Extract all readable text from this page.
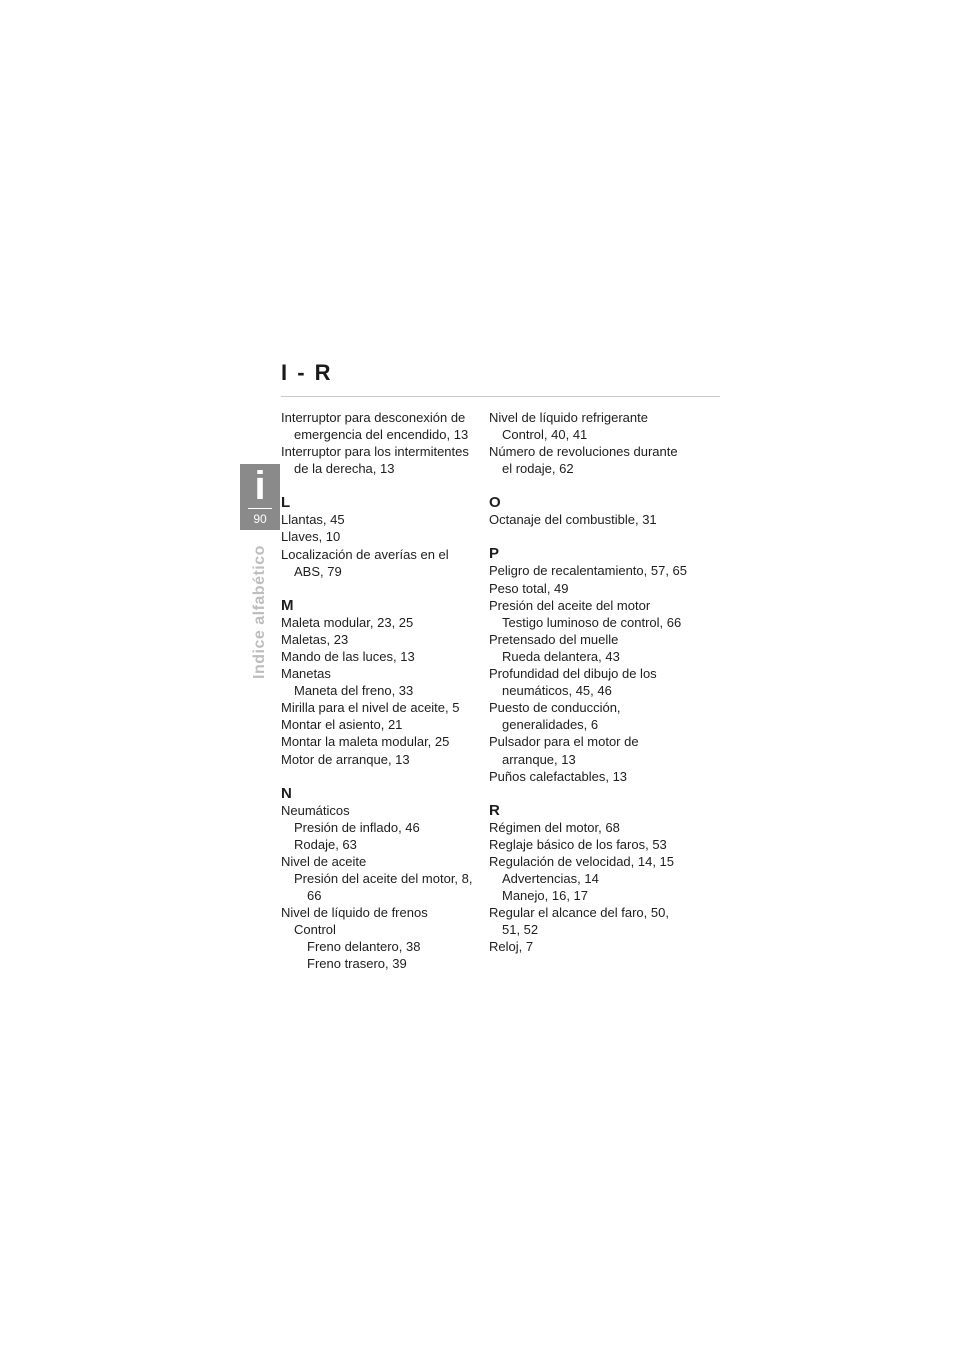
I - R
i
90
Indice alfabético
Interruptor para desconexión de emergencia del encendido, 13
Interruptor para los intermitentes de la derecha, 13
L
Llantas, 45
Llaves, 10
Localización de averías en el ABS, 79
M
Maleta modular, 23, 25
Maletas, 23
Mando de las luces, 13
Manetas
Maneta del freno, 33
Mirilla para el nivel de aceite, 5
Montar el asiento, 21
Montar la maleta modular, 25
Motor de arranque, 13
N
Neumáticos
Presión de inflado, 46
Rodaje, 63
Nivel de aceite
Presión del aceite del motor, 8, 66
Nivel de líquido de frenos
Control
Freno delantero, 38
Freno trasero, 39
Nivel de líquido refrigerante
Control, 40, 41
Número de revoluciones durante el rodaje, 62
O
Octanaje del combustible, 31
P
Peligro de recalentamiento, 57, 65
Peso total, 49
Presión del aceite del motor
Testigo luminoso de control, 66
Pretensado del muelle
Rueda delantera, 43
Profundidad del dibujo de los neumáticos, 45, 46
Puesto de conducción, generalidades, 6
Pulsador para el motor de arranque, 13
Puños calefactables, 13
R
Régimen del motor, 68
Reglaje básico de los faros, 53
Regulación de velocidad, 14, 15
Advertencias, 14
Manejo, 16, 17
Regular el alcance del faro, 50, 51, 52
Reloj, 7
